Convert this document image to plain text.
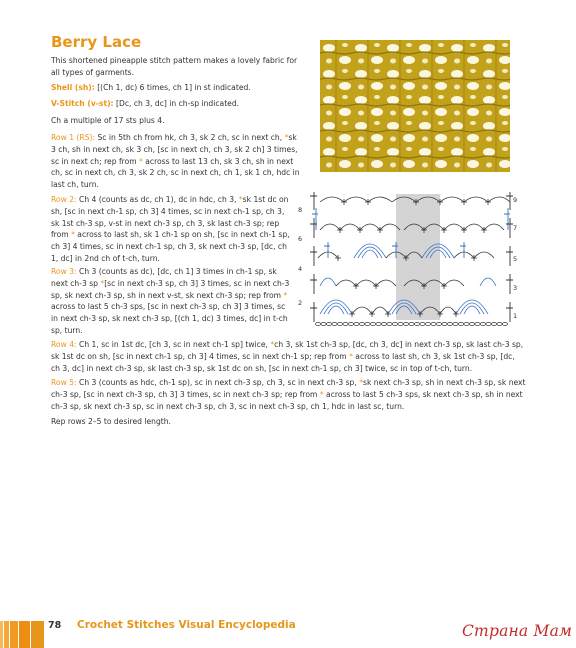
Berry Lace
This shortened pineapple stitch pattern makes a lovely fabric for all types of garments.
Shell (sh): [(Ch 1, dc) 6 times, ch 1] in st indicated.
V-Stitch (v-st): [Dc, ch 3, dc] in ch-sp indicated.
Ch a multiple of 17 sts plus 4.
Row 1 (RS): Sc in 5th ch from hk, ch 3, sk 2 ch, sc in next ch, *sk 3 ch, sh in next ch, sk 3 ch, [sc in next ch, ch 3, sk 2 ch] 3 times, sc in next ch; rep from * across to last 13 ch, sk 3 ch, sh in next ch, sc in next ch, ch 3, sk 2 ch, sc in next ch, ch 1, sk 1 ch, hdc in last ch, turn.
Row 2: Ch 4 (counts as dc, ch 1), dc in hdc, ch 3, *sk 1st dc on sh, [sc in next ch-1 sp, ch 3] 4 times, sc in next ch-1 sp, ch 3, sk 1st ch-3 sp, v-st in next ch-3 sp, ch 3, sk last ch-3 sp; rep from * across to last sh, sk 1 ch-1 sp on sh, [sc in next ch-1 sp, ch 3] 4 times, sc in next ch-1 sp, ch 3, sk next ch-3 sp, [dc, ch 1, dc] in 2nd ch of t-ch, turn.
Row 3: Ch 3 (counts as dc), [dc, ch 1] 3 times in ch-1 sp, sk next ch-3 sp *[sc in next ch-3 sp, ch 3] 3 times, sc in next ch-3 sp, sk next ch-3 sp, sh in next v-st, sk next ch-3 sp; rep from * across to last 5 ch-3 sps, [sc in next ch-3 sp, ch 3] 3 times, sc in next ch-3 sp, sk next ch-3 sp, [(ch 1, dc) 3 times, dc] in t-ch sp, turn.
Row 4: Ch 1, sc in 1st dc, [ch 3, sc in next ch-1 sp] twice, *ch 3, sk 1st ch-3 sp, [dc, ch 3, dc] in next ch-3 sp, sk last ch-3 sp, sk 1st dc on sh, [sc in next ch-1 sp, ch 3] 4 times, sc in next ch-1 sp; rep from * across to last sh, ch 3, sk 1st ch-3 sp, [dc, ch 3, dc] in next ch-3 sp, sk last ch-3 sp, sk 1st dc on sh, [sc in next ch-1 sp, ch 3] twice, sc in top of t-ch, turn.
Row 5: Ch 3 (counts as hdc, ch-1 sp), sc in next ch-3 sp, ch 3, sc in next ch-3 sp, *sk next ch-3 sp, sh in next ch-3 sp, sk next ch-3 sp, [sc in next ch-3 sp, ch 3] 3 times, sc in next ch-3 sp; rep from * across to last 5 ch-3 sps, sk next ch-3 sp, sh in next ch-3 sp, sk next ch-3 sp, sc in next ch-3 sp, ch 3, sc in next ch-3 sp, ch 1, hdc in last sc, turn.
Rep rows 2–5 to desired length.
8
6
4
2
9
7
5
3
1
78 Crochet Stitches Visual Encyclopedia	Страна Мам
